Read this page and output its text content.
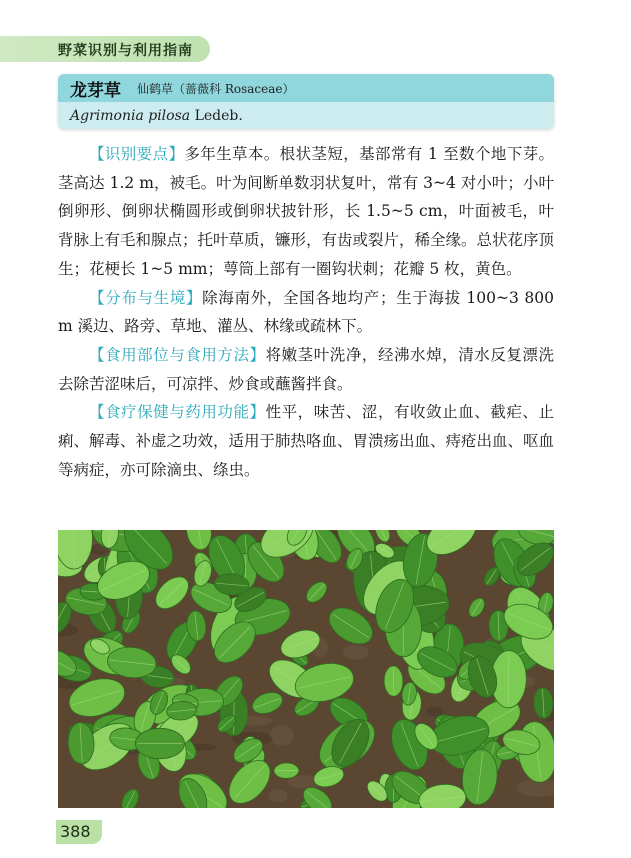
野菜识别与利用指南
龙芽草 仙鹤草（蔷薇科 Rosaceae）
Agrimonia pilosa Ledeb.

【识别要点】多年生草本。根状茎短，基部常有 1 至数个地下芽。茎高达 1.2 m，被毛。叶为间断单数羽状复叶，常有 3~4 对小叶；小叶倒卵形、倒卵状椭圆形或倒卵状披针形，长 1.5~5 cm，叶面被毛，叶背脉上有毛和腺点；托叶草质，镰形，有齿或裂片，稀全缘。总状花序顶生；花梗长 1~5 mm；萼筒上部有一圈钩状刺；花瓣 5 枚，黄色。

【分布与生境】除海南外，全国各地均产；生于海拔 100~3 800 m 溪边、路旁、草地、灌丛、林缘或疏林下。

【食用部位与食用方法】将嫩茎叶洗净，经沸水焯，清水反复漂洗去除苦涩味后，可凉拌、炒食或蘸酱拌食。

【食疗保健与药用功能】性平，味苦、涩，有收敛止血、截疟、止痢、解毒、补虚之功效，适用于肺热咯血、胃溃疡出血、痔疮出血、呕血等病症，亦可除滴虫、绦虫。

388
